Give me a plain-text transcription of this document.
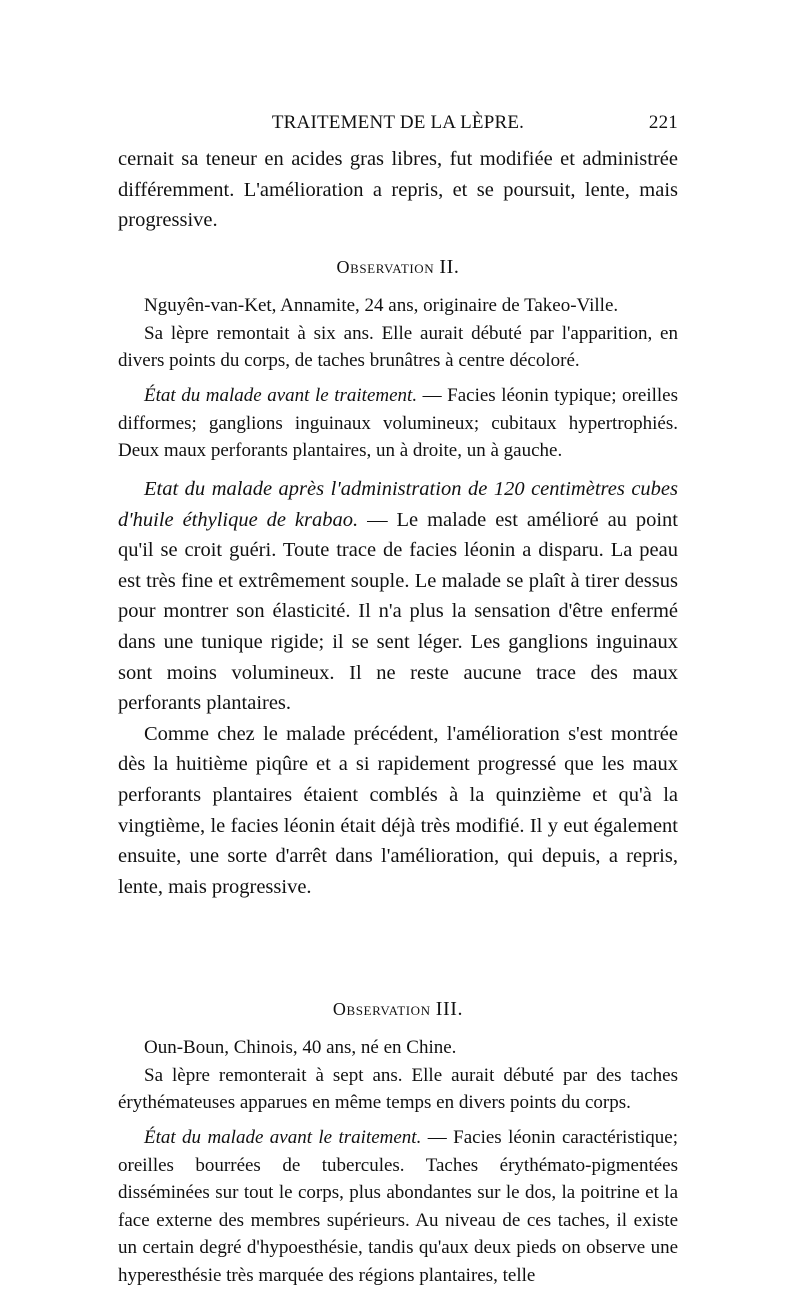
TRAITEMENT DE LA LÈPRE.	221

cernait sa teneur en acides gras libres, fut modifiée et administrée différemment. L'amélioration a repris, et se poursuit, lente, mais progressive.

Observation II.

Nguyên-van-Ket, Annamite, 24 ans, originaire de Takeo-Ville.

Sa lèpre remontait à six ans. Elle aurait débuté par l'apparition, en divers points du corps, de taches brunâtres à centre décoloré.

État du malade avant le traitement. — Facies léonin typique; oreilles difformes; ganglions inguinaux volumineux; cubitaux hypertrophiés. Deux maux perforants plantaires, un à droite, un à gauche.

Etat du malade après l'administration de 120 centimètres cubes d'huile éthylique de krabao. — Le malade est amélioré au point qu'il se croit guéri. Toute trace de facies léonin a disparu. La peau est très fine et extrêmement souple. Le malade se plaît à tirer dessus pour montrer son élasticité. Il n'a plus la sensation d'être enfermé dans une tunique rigide; il se sent léger. Les ganglions inguinaux sont moins volumineux. Il ne reste aucune trace des maux perforants plantaires.

Comme chez le malade précédent, l'amélioration s'est montrée dès la huitième piqûre et a si rapidement progressé que les maux perforants plantaires étaient comblés à la quinzième et qu'à la vingtième, le facies léonin était déjà très modifié. Il y eut également ensuite, une sorte d'arrêt dans l'amélioration, qui depuis, a repris, lente, mais progressive.

Observation III.

Oun-Boun, Chinois, 40 ans, né en Chine.

Sa lèpre remonterait à sept ans. Elle aurait débuté par des taches érythémateuses apparues en même temps en divers points du corps.

État du malade avant le traitement. — Facies léonin caractéristique; oreilles bourrées de tubercules. Taches érythémato-pigmentées disséminées sur tout le corps, plus abondantes sur le dos, la poitrine et la face externe des membres supérieurs. Au niveau de ces taches, il existe un certain degré d'hypoesthésie, tandis qu'aux deux pieds on observe une hyperesthésie très marquée des régions plantaires, telle
